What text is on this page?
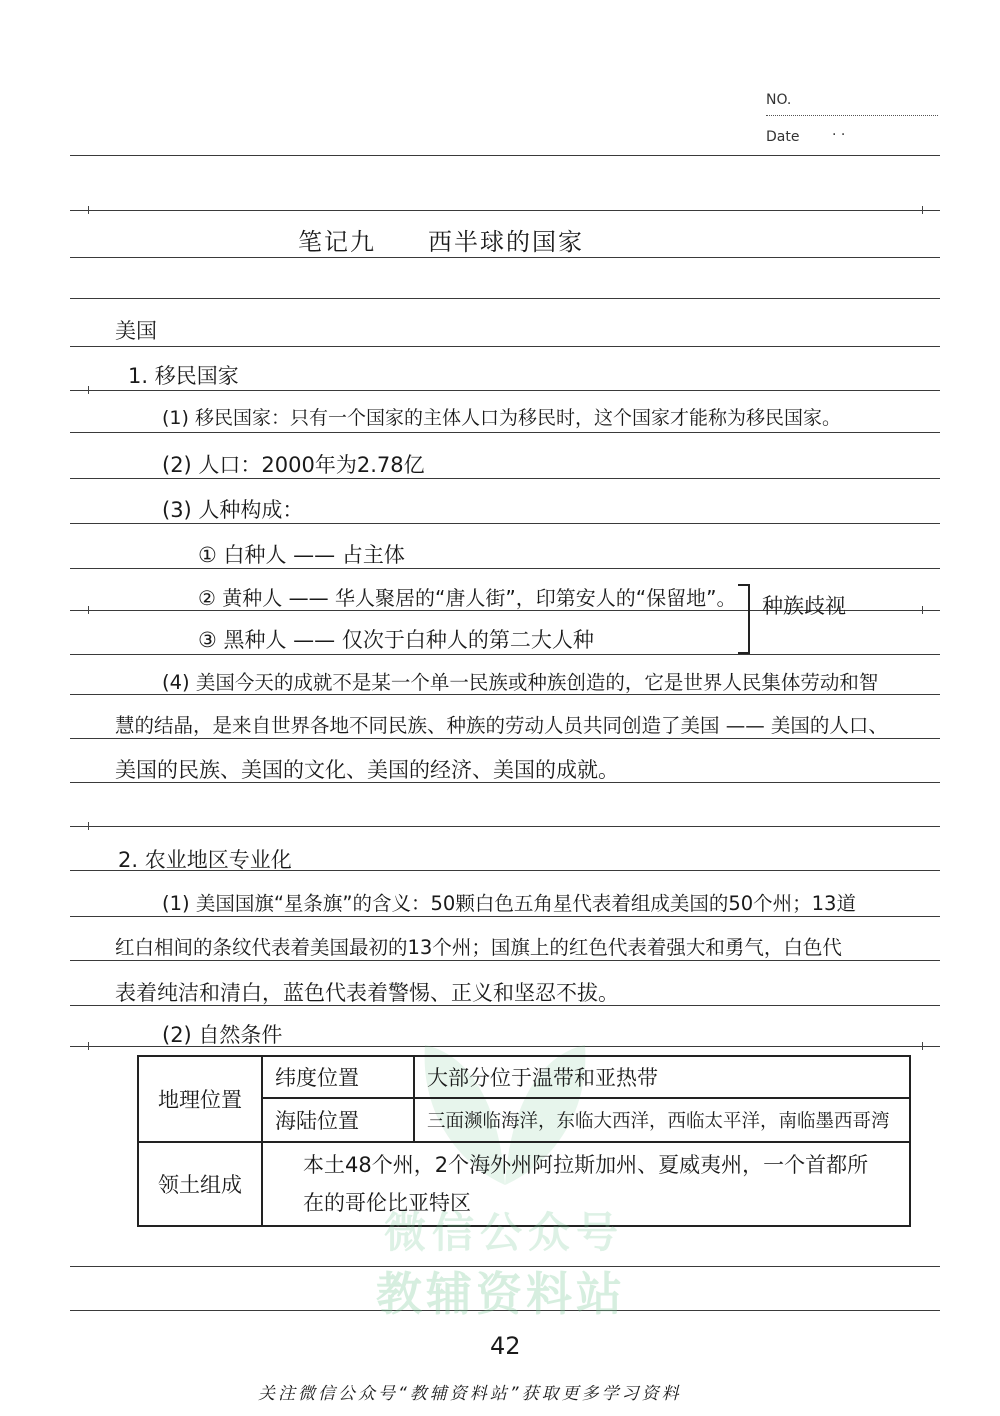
NO.
Date · ·
笔记九　　西半球的国家
美国
1. 移民国家
(1) 移民国家：只有一个国家的主体人口为移民时，这个国家才能称为移民国家。
(2) 人口：2000年为2.78亿
(3) 人种构成：
① 白种人 —— 占主体
② 黄种人 —— 华人聚居的“唐人街”，印第安人的“保留地”。
③ 黑种人 —— 仅次于白种人的第二大人种
种族歧视
(4) 美国今天的成就不是某一个单一民族或种族创造的，它是世界人民集体劳动和智
慧的结晶，是来自世界各地不同民族、种族的劳动人员共同创造了美国 —— 美国的人口、
美国的民族、美国的文化、美国的经济、美国的成就。
2. 农业地区专业化
(1) 美国国旗“星条旗”的含义：50颗白色五角星代表着组成美国的50个州；13道
红白相间的条纹代表着美国最初的13个州；国旗上的红色代表着强大和勇气，白色代
表着纯洁和清白，蓝色代表着警惕、正义和坚忍不拔。
(2) 自然条件
地理位置	纬度位置	大部分位于温带和亚热带
	海陆位置	三面濒临海洋，东临大西洋，西临太平洋，南临墨西哥湾
领土组成	本土48个州，2个海外州阿拉斯加州、夏威夷州，一个首都所
在的哥伦比亚特区	
微信公众号
教辅资料站
42
关注微信公众号“教辅资料站”获取更多学习资料
